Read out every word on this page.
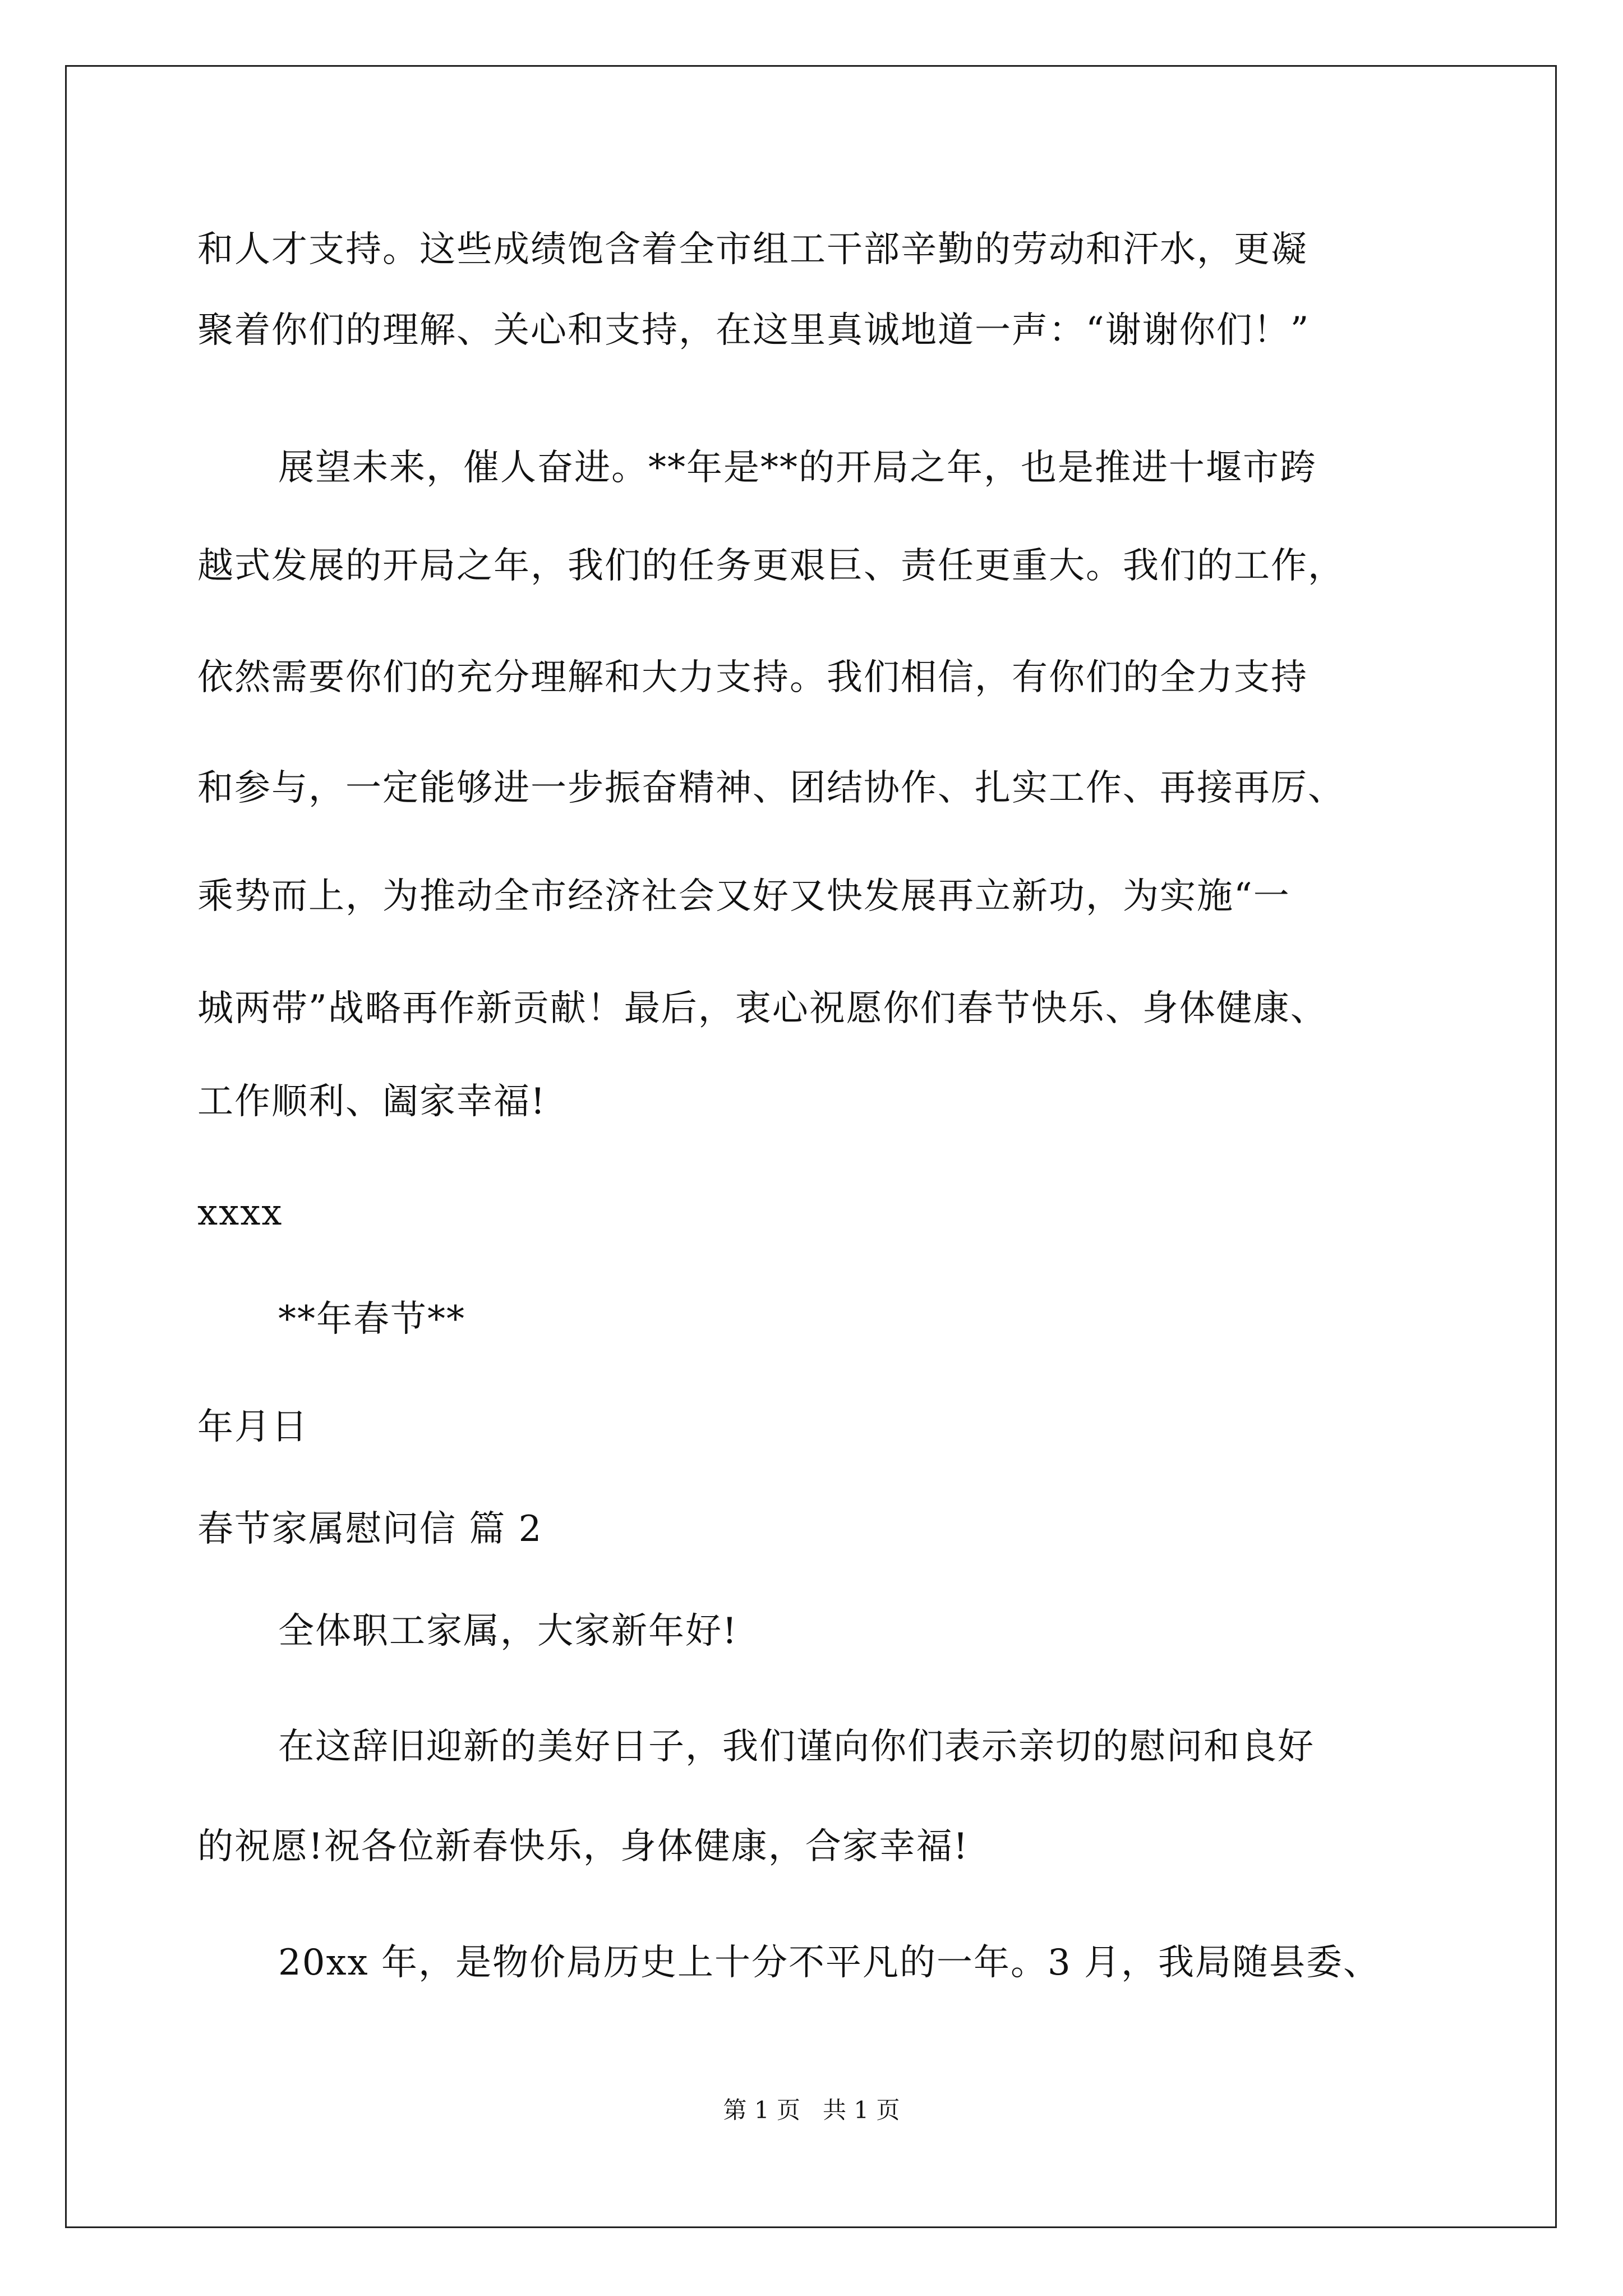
和人才支持。这些成绩饱含着全市组工干部辛勤的劳动和汗水，更凝
聚着你们的理解、关心和支持，在这里真诚地道一声：“谢谢你们！”
展望未来，催人奋进。**年是**的开局之年，也是推进十堰市跨
越式发展的开局之年，我们的任务更艰巨、责任更重大。我们的工作，
依然需要你们的充分理解和大力支持。我们相信，有你们的全力支持
和参与，一定能够进一步振奋精神、团结协作、扎实工作、再接再厉、
乘势而上，为推动全市经济社会又好又快发展再立新功，为实施“一
城两带”战略再作新贡献！最后，衷心祝愿你们春节快乐、身体健康、
工作顺利、阖家幸福!
xxxx
**年春节**
年月日
春节家属慰问信 篇 2
全体职工家属，大家新年好!
在这辞旧迎新的美好日子，我们谨向你们表示亲切的慰问和良好
的祝愿!祝各位新春快乐，身体健康，合家幸福!
20xx 年，是物价局历史上十分不平凡的一年。3 月，我局随县委、
第 1 页   共 1 页
